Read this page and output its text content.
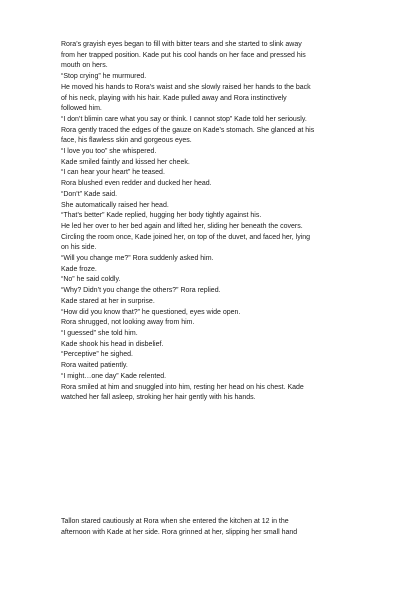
Rora’s grayish eyes began to fill with bitter tears and she started to slink away
from her trapped position. Kade put his cool hands on her face and pressed his
mouth on hers.
“Stop crying” he murmured.
He moved his hands to Rora’s waist and she slowly raised her hands to the back
of his neck, playing with his hair. Kade pulled away and Rora instinctively
followed him.
“I don’t blimin care what you say or think. I cannot stop” Kade told her seriously.
Rora gently traced the edges of the gauze on Kade’s stomach. She glanced at his
face, his flawless skin and gorgeous eyes.
“I love you too” she whispered.
Kade smiled faintly and kissed her cheek.
“I can hear your heart” he teased.
Rora blushed even redder and ducked her head.
“Don’t” Kade said.
She automatically raised her head.
“That’s better” Kade replied, hugging her body tightly against his.
He led her over to her bed again and lifted her, sliding her beneath the covers.
Circling the room once, Kade joined her, on top of the duvet, and faced her, lying
on his side.
“Will you change me?” Rora suddenly asked him.
Kade froze.
“No” he said coldly.
“Why? Didn’t you change the others?” Rora replied.
Kade stared at her in surprise.
“How did you know that?” he questioned, eyes wide open.
Rora shrugged, not looking away from him.
“I guessed” she told him.
Kade shook his head in disbelief.
“Perceptive” he sighed.
Rora waited patiently.
“I might…one day” Kade relented.
Rora smiled at him and snuggled into him, resting her head on his chest. Kade
watched her fall asleep, stroking her hair gently with his hands.
Tallon stared cautiously at Rora when she entered the kitchen at 12 in the
afternoon with Kade at her side. Rora grinned at her, slipping her small hand
